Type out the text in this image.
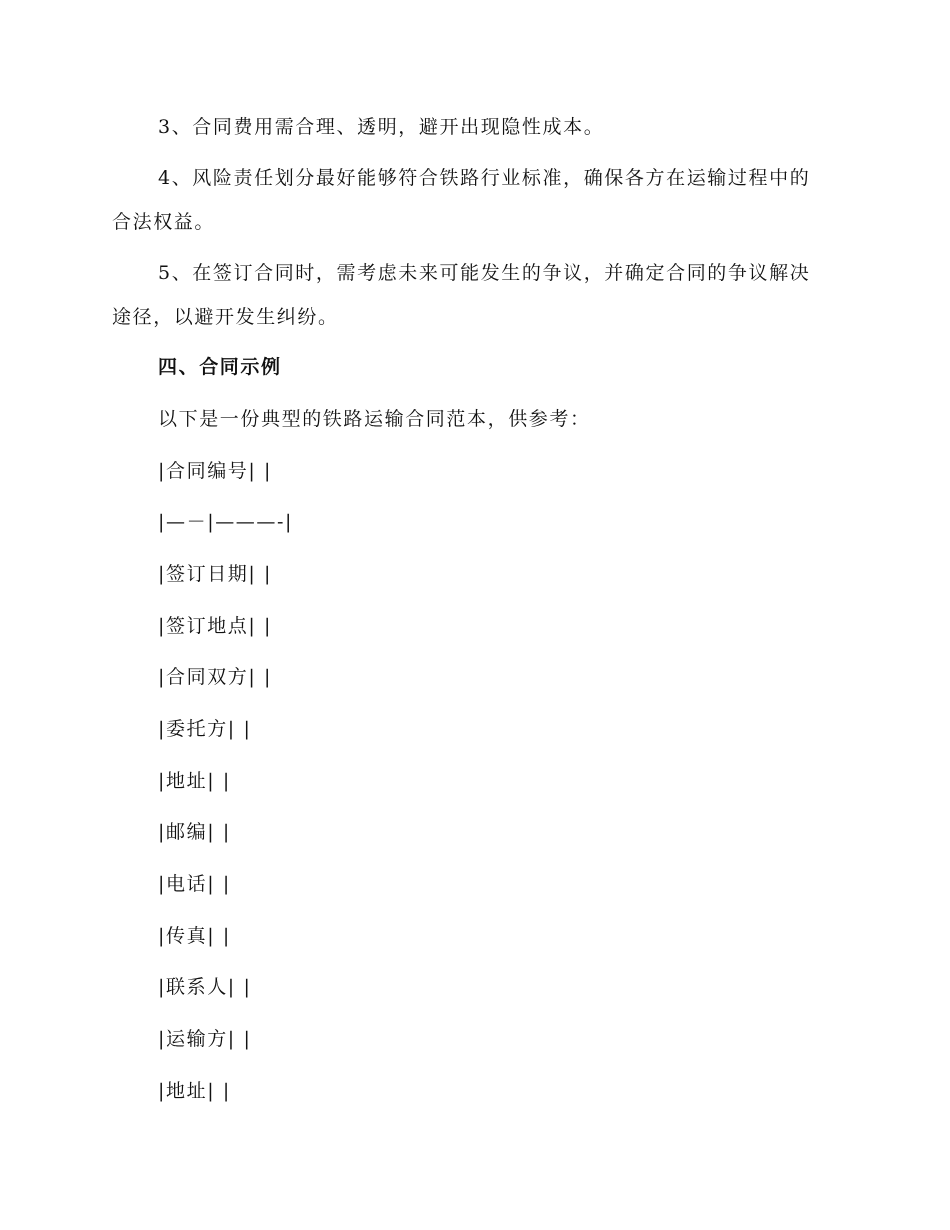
3、合同费用需合理、透明，避开出现隐性成本。

4、风险责任划分最好能够符合铁路行业标准，确保各方在运输过程中的合法权益。

5、在签订合同时，需考虑未来可能发生的争议，并确定合同的争议解决途径，以避开发生纠纷。

四、合同示例

以下是一份典型的铁路运输合同范本，供参考：

|合同编号| |

|—－|———-|

|签订日期| |

|签订地点| |

|合同双方| |

|委托方| |

|地址| |

|邮编| |

|电话| |

|传真| |

|联系人| |

|运输方| |

|地址| |
